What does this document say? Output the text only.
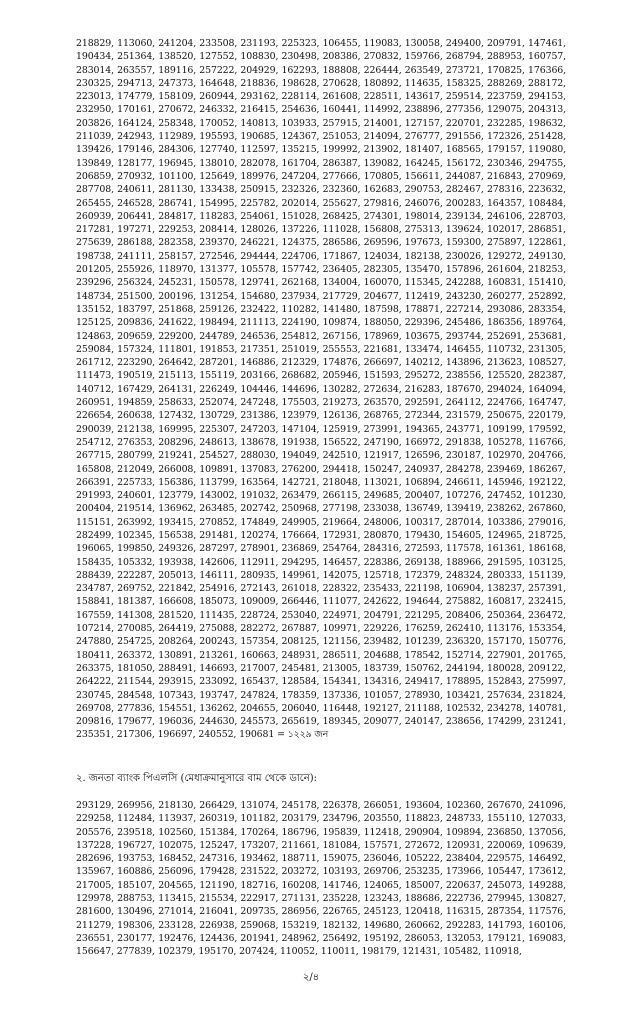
218829, 113060, 241204, 233508, 231193, 225323, 106455, 119083, 130058, 249400, 209791, 147461, 190434, 251364, 138520, 127552, 108830, 230498, 208386, 270832, 159766, 268794, 288953, 160757, 283014, 263557, 189116, 257222, 204929, 162293, 188808, 226444, 263549, 273721, 170825, 176366, 230325, 294713, 247373, 164648, 218836, 198628, 270628, 180892, 114635, 158325, 288269, 288172, 223013, 174779, 158109, 260944, 293162, 228114, 261608, 228511, 143617, 259514, 223759, 294153, 232950, 170161, 270672, 246332, 216415, 254636, 160441, 114992, 238896, 277356, 129075, 204313, 203826, 164124, 258348, 170052, 140813, 103933, 257915, 214001, 127157, 220701, 232285, 198632, 211039, 242943, 112989, 195593, 190685, 124367, 251053, 214094, 276777, 291556, 172326, 251428, 139426, 179146, 284306, 127740, 112597, 135215, 199992, 213902, 181407, 168565, 179157, 119080, 139849, 128177, 196945, 138010, 282078, 161704, 286387, 139082, 164245, 156172, 230346, 294755, 206859, 270932, 101100, 125649, 189976, 247204, 277666, 170805, 156611, 244087, 216843, 270969, 287708, 240611, 281130, 133438, 250915, 232326, 232360, 162683, 290753, 282467, 278316, 223632, 265455, 246528, 286741, 154995, 225782, 202014, 255627, 279816, 246076, 200283, 164357, 108484, 260939, 206441, 284817, 118283, 254061, 151028, 268425, 274301, 198014, 239134, 246106, 228703, 217281, 197271, 229253, 208414, 128026, 137226, 111028, 156808, 275313, 139624, 102017, 286851, 275639, 286188, 282358, 239370, 246221, 124375, 286586, 269596, 197673, 159300, 275897, 122861, 198738, 241111, 258157, 272546, 294444, 224706, 171867, 124034, 182138, 230026, 129272, 249130, 201205, 255926, 118970, 131377, 105578, 157742, 236405, 282305, 135470, 157896, 261604, 218253, 239296, 256324, 245231, 150578, 129741, 262168, 134004, 160070, 115345, 242288, 160831, 151410, 148734, 251500, 200196, 131254, 154680, 237934, 217729, 204677, 112419, 243230, 260277, 252892, 135152, 183797, 251868, 259126, 232422, 110282, 141480, 187598, 178871, 227214, 293086, 283354, 125125, 209836, 241622, 198494, 211113, 224190, 109874, 188050, 229396, 245486, 186356, 189764, 124863, 209659, 229200, 244789, 246536, 254812, 267156, 178969, 103675, 293744, 252691, 253681, 259084, 157324, 111801, 191853, 217351, 251019, 255553, 221681, 133474, 146455, 110732, 231305, 261712, 223290, 264642, 287201, 146886, 212329, 174876, 266697, 140212, 143896, 213623, 108527, 111473, 190519, 215113, 155119, 203166, 268682, 205946, 151593, 295272, 238556, 125520, 282387, 140712, 167429, 264131, 226249, 104446, 144696, 130282, 272634, 216283, 187670, 294024, 164094, 260951, 194859, 258633, 252074, 247248, 175503, 219273, 263570, 292591, 264112, 224766, 164747, 226654, 260638, 127432, 130729, 231386, 123979, 126136, 268765, 272344, 231579, 250675, 220179, 290039, 212138, 169995, 225307, 247203, 147104, 125919, 273991, 194365, 243771, 109199, 179592, 254712, 276353, 208296, 248613, 138678, 191938, 156522, 247190, 166972, 291838, 105278, 116766, 267715, 280799, 219241, 254527, 288030, 194049, 242510, 121917, 126596, 230187, 102970, 204766, 165808, 212049, 266008, 109891, 137083, 276200, 294418, 150247, 240937, 284278, 239469, 186267, 266391, 225733, 156386, 113799, 163564, 142721, 218048, 113021, 106894, 246611, 145946, 192122, 291993, 240601, 123779, 143002, 191032, 263479, 266115, 249685, 200407, 107276, 247452, 101230, 200404, 219514, 136962, 263485, 202742, 250968, 277198, 233038, 136749, 139419, 238262, 267860, 115151, 263992, 193415, 270852, 174849, 249905, 219664, 248006, 100317, 287014, 103386, 279016, 282499, 102345, 156538, 291481, 120274, 176664, 172931, 280870, 179430, 154605, 124965, 218725, 196065, 199850, 249326, 287297, 278901, 236869, 254764, 284316, 272593, 117578, 161361, 186168, 158435, 105332, 193938, 142606, 112911, 294295, 146457, 228386, 269138, 188966, 291595, 103125, 288439, 222287, 205013, 146111, 280935, 149961, 142075, 125718, 172379, 248324, 280333, 151139, 234787, 269752, 221842, 254916, 272143, 261018, 228322, 235433, 221198, 106904, 138237, 257391, 158841, 181387, 166608, 185073, 109009, 266446, 111077, 242622, 194644, 275882, 160817, 232415, 167559, 141308, 281520, 111435, 228724, 253040, 224971, 204791, 221295, 208406, 250364, 236472, 107214, 270085, 264419, 275088, 282272, 267887, 109971, 229226, 176259, 262410, 113176, 153354, 247880, 254725, 208264, 200243, 157354, 208125, 121156, 239482, 101239, 236320, 157170, 150776, 180411, 263372, 130891, 213261, 160663, 248931, 286511, 204688, 178542, 152714, 227901, 201765, 263375, 181050, 288491, 146693, 217007, 245481, 213005, 183739, 150762, 244194, 180028, 209122, 264222, 211544, 293915, 233092, 165437, 128584, 154341, 134316, 249417, 178895, 152843, 275997, 230745, 284548, 107343, 193747, 247824, 178359, 137336, 101057, 278930, 103421, 257634, 231824, 269708, 277836, 154551, 136262, 204655, 206040, 116448, 192127, 211188, 102532, 234278, 140781, 209816, 179677, 196036, 244630, 245573, 265619, 189345, 209077, 240147, 238656, 174299, 231241, 235351, 217306, 196697, 240552, 190681 = ১২২৯ জন
২. জনতা ব্যাংক পিএলসি (মেধাক্রমানুসারে বাম থেকে ডানে):
293129, 269956, 218130, 266429, 131074, 245178, 226378, 266051, 193604, 102360, 267670, 241096, 229258, 112484, 113937, 260319, 101182, 203179, 234796, 203550, 118823, 248733, 155110, 127033, 205576, 239518, 102560, 151384, 170264, 186796, 195839, 112418, 290904, 109894, 236850, 137056, 137228, 196727, 102075, 125247, 173207, 211661, 181084, 157571, 272672, 120931, 220069, 109639, 282696, 193753, 168452, 247316, 193462, 188711, 159075, 236046, 105222, 238404, 229575, 146492, 135967, 160886, 256096, 179428, 231522, 203272, 103193, 269706, 253235, 173966, 105447, 173612, 217005, 185107, 204565, 121190, 182716, 160208, 141746, 124065, 185007, 220637, 245073, 149288, 129978, 288753, 113415, 215534, 222917, 271131, 235228, 123243, 188686, 222736, 279945, 130827, 281600, 130496, 271014, 216041, 209735, 286956, 226765, 245123, 120418, 116315, 287354, 117576, 211279, 198306, 233128, 226938, 259068, 153219, 182132, 149680, 260662, 292283, 141793, 160106, 236551, 230177, 192476, 124436, 201941, 248962, 256492, 195192, 286053, 132053, 179121, 169083, 156647, 277839, 102379, 195170, 207424, 110052, 110011, 198179, 121431, 105482, 110918,
২/৪
